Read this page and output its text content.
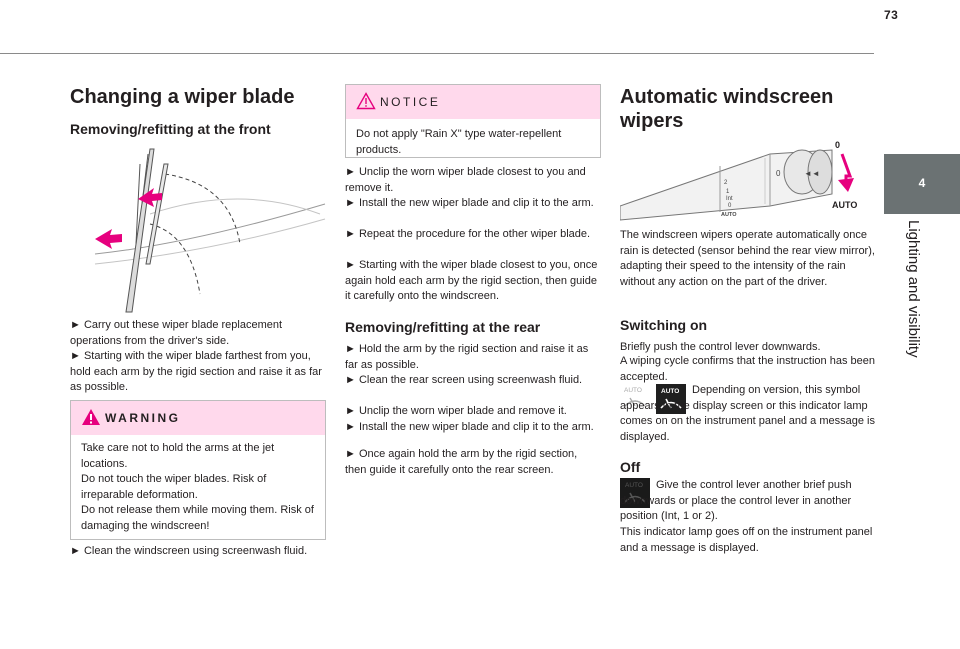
73
4
Lighting and visibility
Changing a wiper blade
Removing/refitting at the front
► Carry out these wiper blade replacement operations from the driver's side.
► Starting with the wiper blade farthest from you, hold each arm by the rigid section and raise it as far as possible.
WARNING
Take care not to hold the arms at the jet locations.
Do not touch the wiper blades. Risk of irreparable deformation.
Do not release them while moving them. Risk of damaging the windscreen!
► Clean the windscreen using screenwash fluid.
NOTICE
Do not apply "Rain X" type water-repellent products.
► Unclip the worn wiper blade closest to you and remove it.
► Install the new wiper blade and clip it to the arm.
► Repeat the procedure for the other wiper blade.
► Starting with the wiper blade closest to you, once again hold each arm by the rigid section, then guide it carefully onto the windscreen.
Removing/refitting at the rear
► Hold the arm by the rigid section and raise it as far as possible.
► Clean the rear screen using screenwash fluid.
► Unclip the worn wiper blade and remove it.
► Install the new wiper blade and clip it to the arm.
► Once again hold the arm by the rigid section, then guide it carefully onto the rear screen.
Automatic windscreen
wipers
2
1
Int
0
AUTO
0	◄◄
0
AUTO
The windscreen wipers operate automatically once rain is detected (sensor behind the rear view mirror), adapting their speed to the intensity of the rain without any action on the part of the driver.
Switching on
Briefly push the control lever downwards.
A wiping cycle confirms that the instruction has been accepted.
AUTO	AUTO	Depending on version, this symbol appears in the display screen or this indicator lamp comes on on the instrument panel and a message is displayed.
Off
AUTO	Give the control lever another brief push downwards or place the control lever in another position (Int, 1 or 2).
This indicator lamp goes off on the instrument panel and a message is displayed.
